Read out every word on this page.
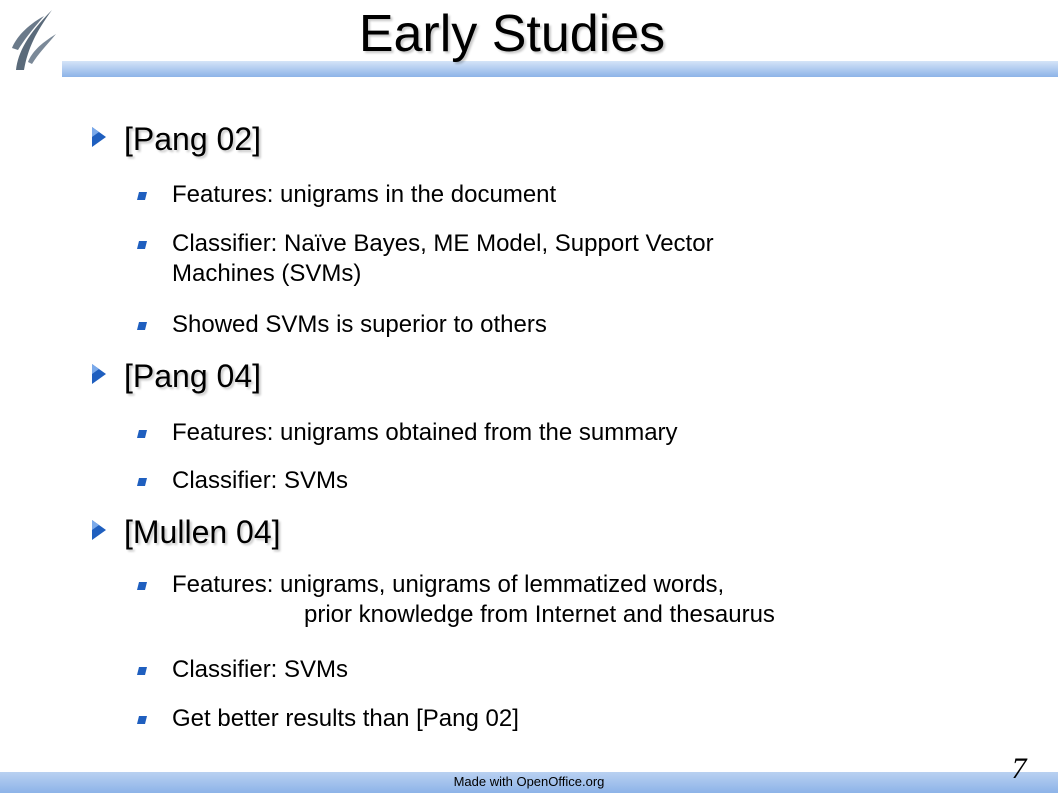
Early Studies
[Pang 02]
Features: unigrams in the document
Classifier: Naïve Bayes, ME Model, Support Vector
Machines (SVMs)
Showed SVMs is superior to others
[Pang 04]
Features: unigrams obtained from the summary
Classifier: SVMs
[Mullen 04]
Features: unigrams, unigrams of lemmatized words,
prior knowledge from Internet and thesaurus
Classifier: SVMs
Get better results than [Pang 02]
Made with OpenOffice.org	7
